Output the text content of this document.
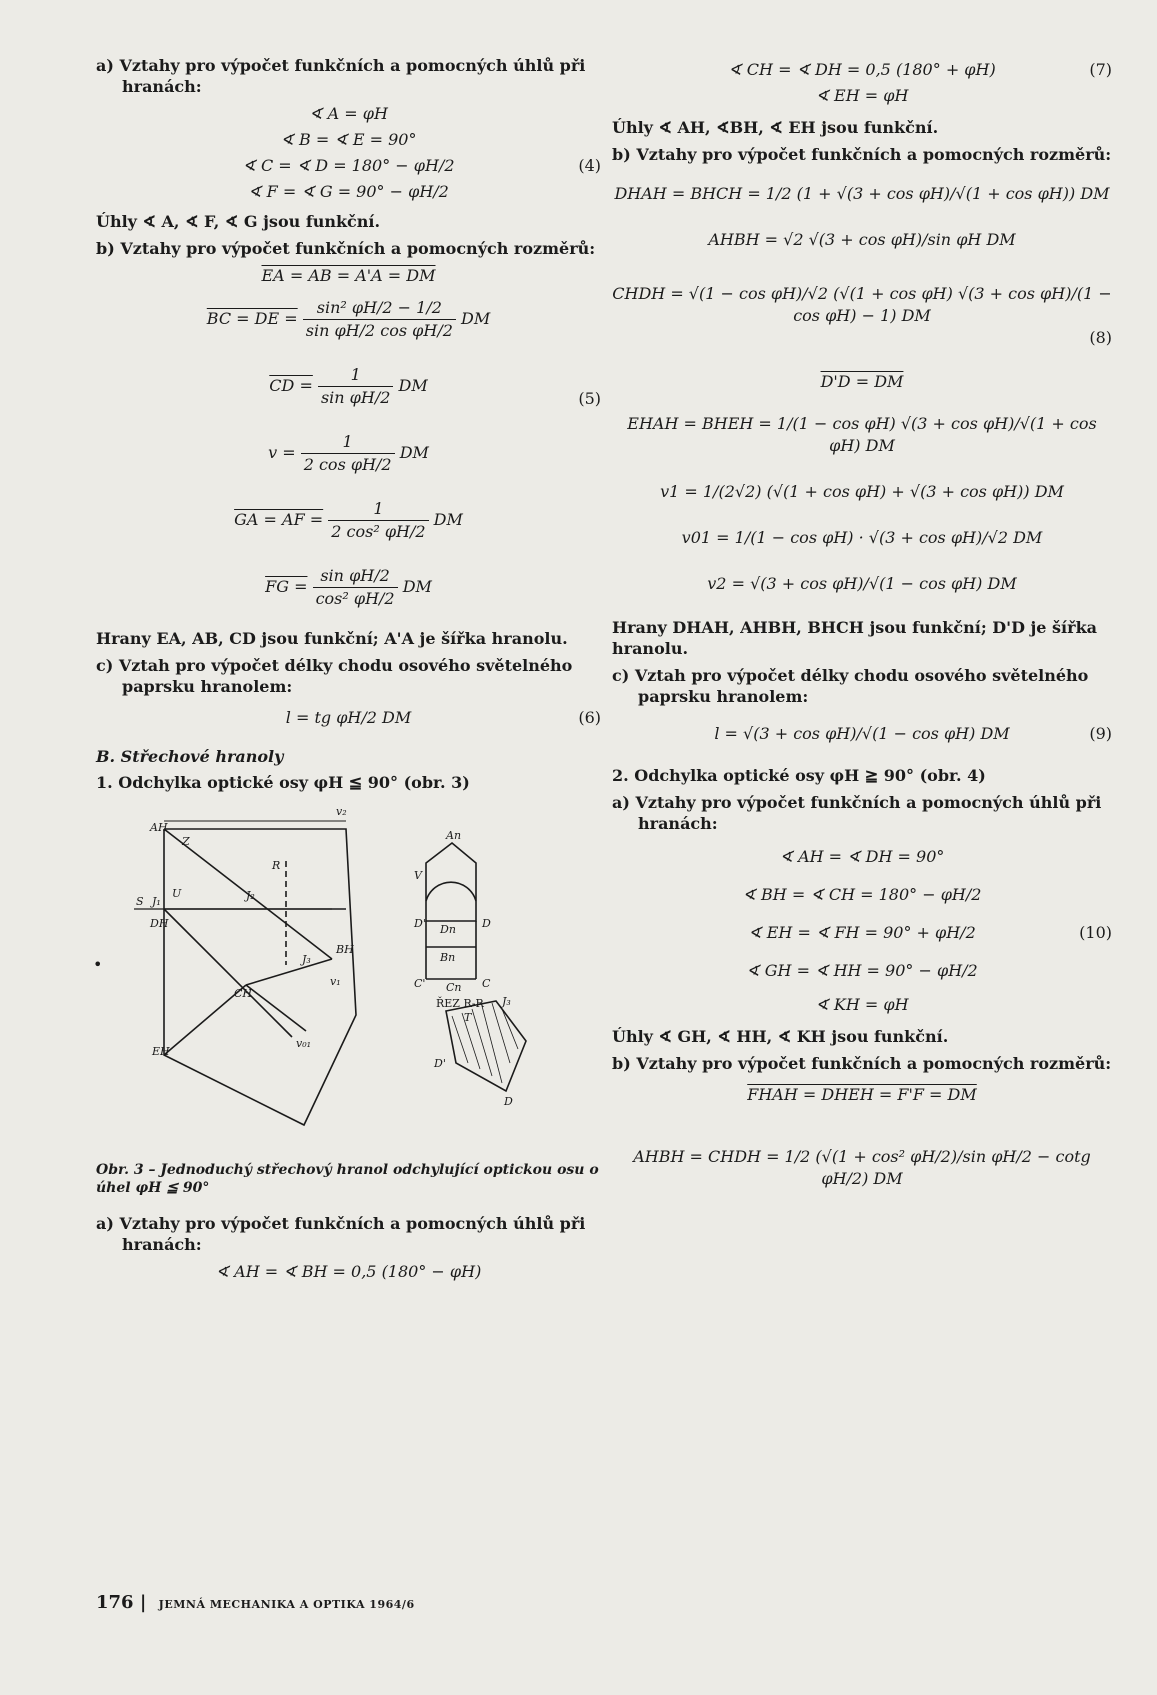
a) Vztahy pro výpočet funkčních a pomocných úhlů při hranách:

∢ A = φH
∢ B = ∢ E = 90°
∢ C = ∢ D = 180° − φH/2	(4)
∢ F = ∢ G = 90° − φH/2

Úhly ∢ A, ∢ F, ∢ G jsou funkční.

b) Vztahy pro výpočet funkčních a pomocných rozměrů:

EA = AB = A'A = DM
BC = DE = $\frac{\text{sin² φH/2 − 1/2}}{\text{sin φH/2 cos φH/2}}$ DM
CD = $\frac{1}{\text{sin φH/2}}$ DM
(5)
$v = \frac{1}{\text{2 cos φH/2}}$ DM
GA = AF = $\frac{1}{\text{2 cos² φH/2}}$ DM
FG = $\frac{\text{sin φH/2}}{\text{cos² φH/2}}$ DM

Hrany EA, AB, CD jsou funkční; A'A je šířka hranolu.

c) Vztah pro výpočet délky chodu osového světelného paprsku hranolem:

l = tg φH/2 DM	(6)
B. Střechové hranoly

1. Odchylka optické osy φH ≦ 90° (obr. 3)

v₂
AH
Z
R
U
S J₁	J₂
J₃
DH
BH
CH
EH
v₀₁
v₁
An
V
D' Dn D
Bn
C' Cn C
ŘEZ R-R
T
D'
D
J₃
Obr. 3 – Jednoduchý střechový hranol odchylující optickou osu o úhel φH ≦ 90°

a) Vztahy pro výpočet funkčních a pomocných úhlů při hranách:

∢ AH = ∢ BH = 0,5 (180° − φH)
∢ CH = ∢ DH = 0,5 (180° + φH)	(7)
∢ EH = φH

Úhly ∢ AH, ∢BH, ∢ EH jsou funkční.

b) Vztahy pro výpočet funkčních a pomocných rozměrů:

DHAH = BHCH = 1/2 (1 + √(3 + cos φH)/√(1 + cos φH)) DM
AHBH = √2 √(3 + cos φH)/sin φH DM
CHDH = √(1 − cos φH)/√2 (√(1 + cos φH) √(3 + cos φH)/(1 − cos φH) − 1) DM
(8)
D'D = DM
EHAH = BHEH = 1/(1 − cos φH) √(3 + cos φH)/√(1 + cos φH) DM
v1 = 1/(2√2) (√(1 + cos φH) + √(3 + cos φH)) DM
v01 = 1/(1 − cos φH) · √(3 + cos φH)/√2 DM
v2 = √(3 + cos φH)/√(1 − cos φH) DM

Hrany DHAH, AHBH, BHCH jsou funkční; D'D je šířka hranolu.

c) Vztah pro výpočet délky chodu osového světelného paprsku hranolem:

l = √(3 + cos φH)/√(1 − cos φH) DM	(9)

2. Odchylka optické osy φH ≧ 90° (obr. 4)

a) Vztahy pro výpočet funkčních a pomocných úhlů při hranách:

∢ AH = ∢ DH = 90°
∢ BH = ∢ CH = 180° − φH/2
∢ EH = ∢ FH = 90° + φH/2	(10)
∢ GH = ∢ HH = 90° − φH/2
∢ KH = φH

Úhly ∢ GH, ∢ HH, ∢ KH jsou funkční.

b) Vztahy pro výpočet funkčních a pomocných rozměrů:

FHAH = DHEH = F'F = DM
AHBH = CHDH = 1/2 (√(1 + cos² φH/2)/sin φH/2 − cotg φH/2) DM
•
176 | JEMNÁ MECHANIKA A OPTIKA 1964/6
